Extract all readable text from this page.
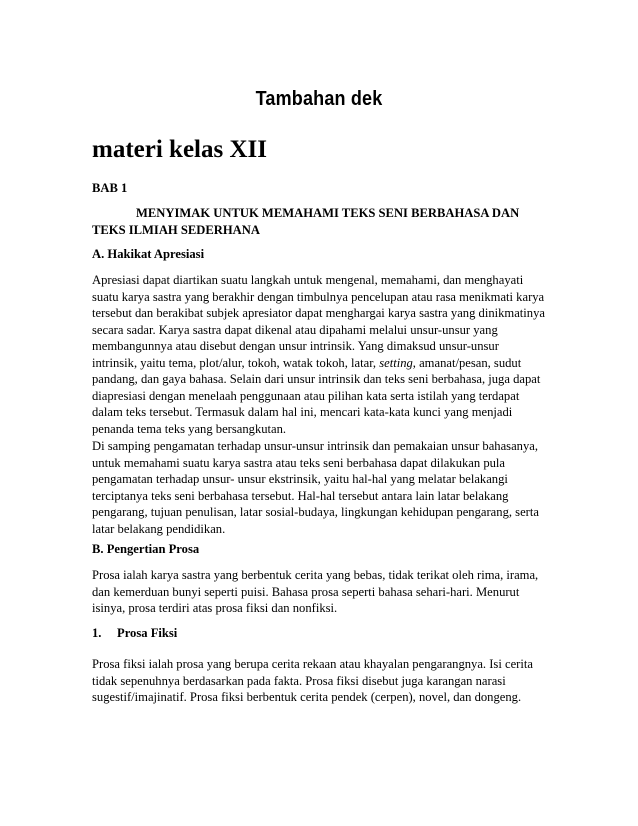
Tambahan dek
materi kelas XII
BAB 1
MENYIMAK UNTUK MEMAHAMI TEKS SENI BERBAHASA DAN
TEKS ILMIAH SEDERHANA
A. Hakikat Apresiasi
Apresiasi dapat diartikan suatu langkah untuk mengenal, memahami, dan menghayati
suatu karya sastra yang berakhir dengan timbulnya pencelupan atau rasa menikmati karya
tersebut dan berakibat subjek apresiator dapat menghargai karya sastra yang dinikmatinya
secara sadar. Karya sastra dapat dikenal atau dipahami melalui unsur-unsur yang
membangunnya atau disebut dengan unsur intrinsik. Yang dimaksud unsur-unsur
intrinsik, yaitu tema, plot/alur, tokoh, watak tokoh, latar, setting, amanat/pesan, sudut
pandang, dan gaya bahasa. Selain dari unsur intrinsik dan teks seni berbahasa, juga dapat
diapresiasi dengan menelaah penggunaan atau pilihan kata serta istilah yang terdapat
dalam teks tersebut. Termasuk dalam hal ini, mencari kata-kata kunci yang menjadi
penanda tema teks yang bersangkutan.
Di samping pengamatan terhadap unsur-unsur intrinsik dan pemakaian unsur bahasanya,
untuk memahami suatu karya sastra atau teks seni berbahasa dapat dilakukan pula
pengamatan terhadap unsur- unsur ekstrinsik, yaitu hal-hal yang melatar belakangi
terciptanya teks seni berbahasa tersebut. Hal-hal tersebut antara lain latar belakang
pengarang, tujuan penulisan, latar sosial-budaya, lingkungan kehidupan pengarang, serta
latar belakang pendidikan.
B. Pengertian Prosa
Prosa ialah karya sastra yang berbentuk cerita yang bebas, tidak terikat oleh rima, irama,
dan kemerduan bunyi seperti puisi. Bahasa prosa seperti bahasa sehari-hari. Menurut
isinya, prosa terdiri atas prosa fiksi dan nonfiksi.
1. Prosa Fiksi
Prosa fiksi ialah prosa yang berupa cerita rekaan atau khayalan pengarangnya. Isi cerita
tidak sepenuhnya berdasarkan pada fakta. Prosa fiksi disebut juga karangan narasi
sugestif/imajinatif. Prosa fiksi berbentuk cerita pendek (cerpen), novel, dan dongeng.
